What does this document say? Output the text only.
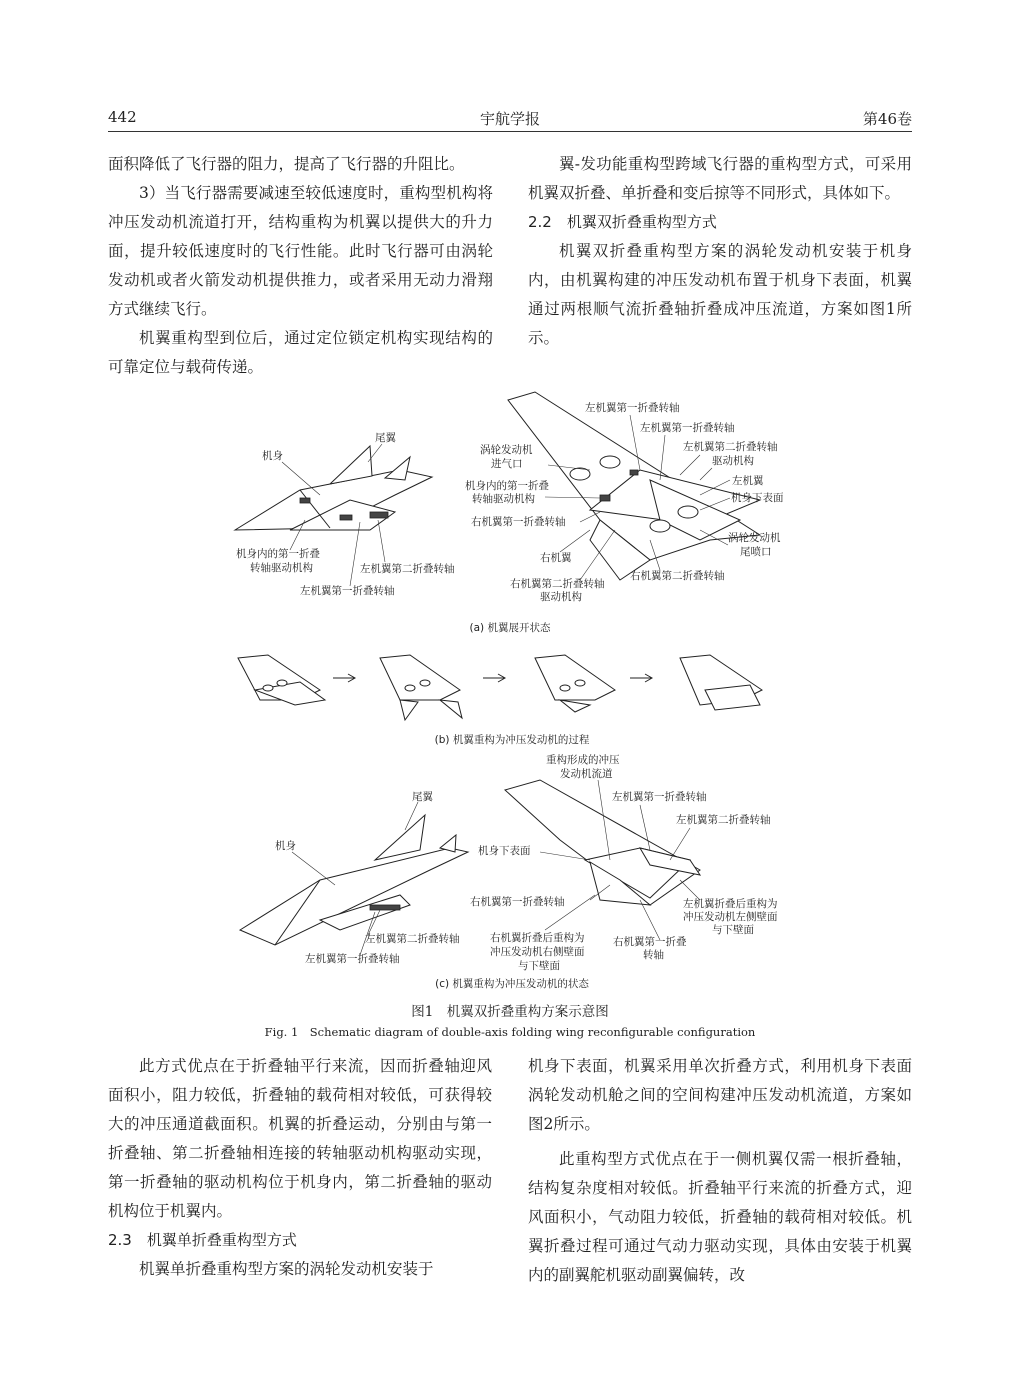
442	宇航学报	第46卷

面积降低了飞行器的阻力，提高了飞行器的升阻比。

3）当飞行器需要减速至较低速度时，重构型机构将冲压发动机流道打开，结构重构为机翼以提供大的升力面，提升较低速度时的飞行性能。此时飞行器可由涡轮发动机或者火箭发动机提供推力，或者采用无动力滑翔方式继续飞行。

机翼重构型到位后，通过定位锁定机构实现结构的可靠定位与载荷传递。

翼-发功能重构型跨域飞行器的重构型方式，可采用机翼双折叠、单折叠和变后掠等不同形式，具体如下。

2.2　机翼双折叠重构型方式

机翼双折叠重构型方案的涡轮发动机安装于机身内，由机翼构建的冲压发动机布置于机身下表面，机翼通过两根顺气流折叠轴折叠成冲压流道，方案如图1所示。

机身
尾翼
机身内的第一折叠
转轴驱动机构	左机翼第二折叠转轴
左机翼第一折叠转轴
左机翼第一折叠转轴
左机翼第一折叠转轴
左机翼第二折叠转轴
驱动机构
左机翼
机身下表面
涡轮发动机
进气口
机身内的第一折叠
转轴驱动机构
右机翼第一折叠转轴
右机翼
涡轮发动机
尾喷口
右机翼第二折叠转轴
驱动机构
右机翼第二折叠转轴
(a) 机翼展开状态
(b) 机翼重构为冲压发动机的过程
尾翼
机身
左机翼第二折叠转轴
左机翼第一折叠转轴
重构形成的冲压
发动机流道
左机翼第一折叠转轴
左机翼第二折叠转轴
机身下表面
右机翼第一折叠转轴
右机翼折叠后重构为
冲压发动机右侧壁面
与下壁面
右机翼第一折叠
转轴
左机翼折叠后重构为
冲压发动机左侧壁面
与下壁面
(c) 机翼重构为冲压发动机的状态
图1　机翼双折叠重构方案示意图
Fig. 1　Schematic diagram of double-axis folding wing reconfigurable configuration

此方式优点在于折叠轴平行来流，因而折叠轴迎风面积小，阻力较低，折叠轴的载荷相对较低，可获得较大的冲压通道截面积。机翼的折叠运动，分别由与第一折叠轴、第二折叠轴相连接的转轴驱动机构驱动实现，第一折叠轴的驱动机构位于机身内，第二折叠轴的驱动机构位于机翼内。

2.3　机翼单折叠重构型方式

机翼单折叠重构型方案的涡轮发动机安装于

机身下表面，机翼采用单次折叠方式，利用机身下表面涡轮发动机舱之间的空间构建冲压发动机流道，方案如图2所示。

此重构型方式优点在于一侧机翼仅需一根折叠轴，结构复杂度相对较低。折叠轴平行来流的折叠方式，迎风面积小，气动阻力较低，折叠轴的载荷相对较低。机翼折叠过程可通过气动力驱动实现，具体由安装于机翼内的副翼舵机驱动副翼偏转，改
